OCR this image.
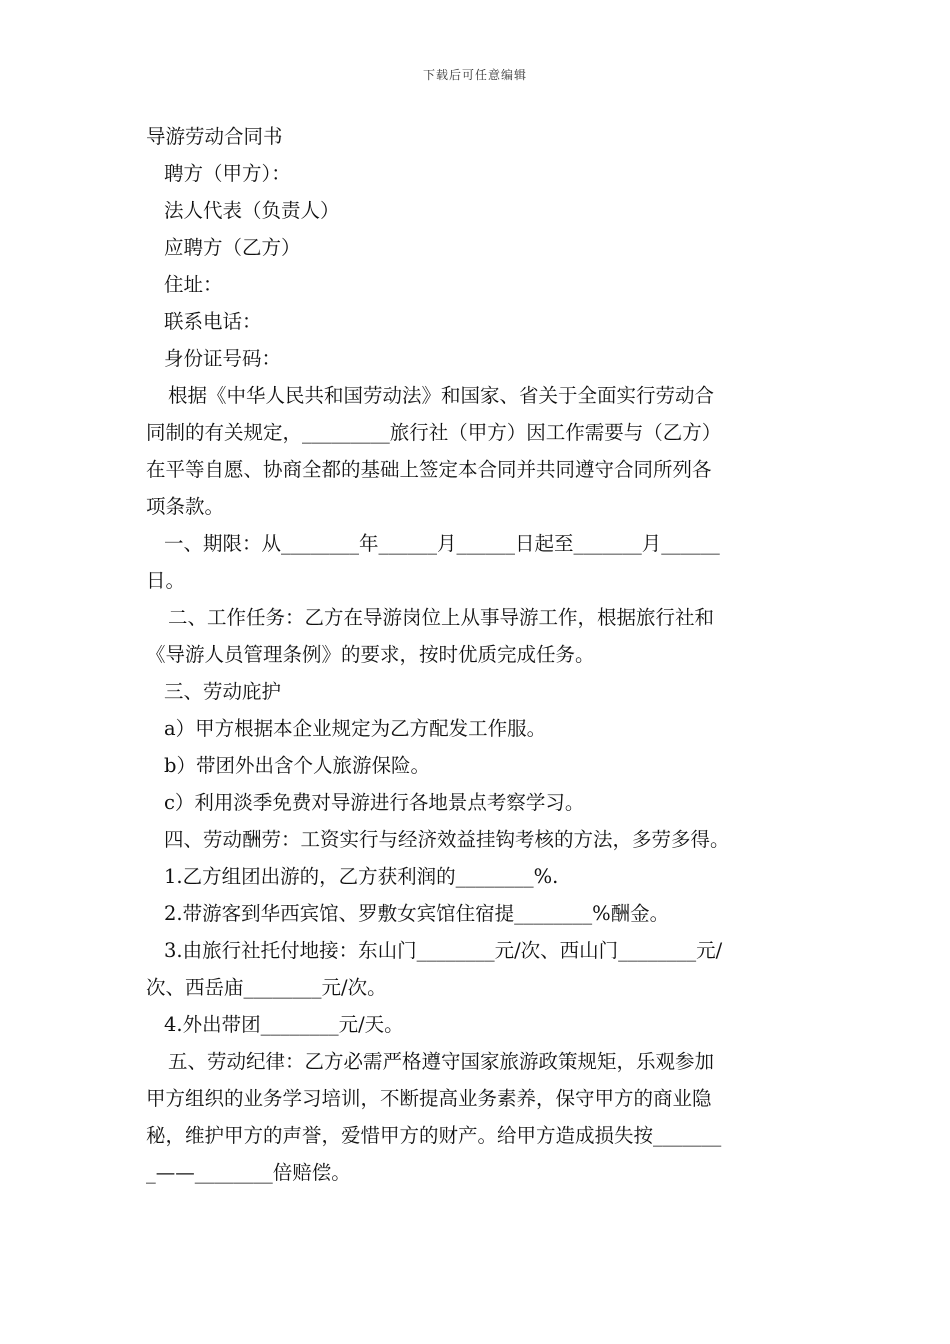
下载后可任意编辑

导游劳动合同书

聘方（甲方）：

法人代表（负责人）

应聘方（乙方）

住址：

联系电话：

身份证号码：

根据《中华人民共和国劳动法》和国家、省关于全面实行劳动合

同制的有关规定，_________旅行社（甲方）因工作需要与（乙方）

在平等自愿、协商全都的基础上签定本合同并共同遵守合同所列各

项条款。

一、期限：从________年______月______日起至_______月______

日。

二、工作任务：乙方在导游岗位上从事导游工作，根据旅行社和

《导游人员管理条例》的要求，按时优质完成任务。

三、劳动庇护

a）甲方根据本企业规定为乙方配发工作服。

b）带团外出含个人旅游保险。

c）利用淡季免费对导游进行各地景点考察学习。

四、劳动酬劳：工资实行与经济效益挂钩考核的方法，多劳多得。

1.乙方组团出游的，乙方获利润的________%.

2.带游客到华西宾馆、罗敷女宾馆住宿提________%酬金。

3.由旅行社托付地接：东山门________元/次、西山门________元/

次、西岳庙________元/次。

4.外出带团________元/天。

五、劳动纪律：乙方必需严格遵守国家旅游政策规矩，乐观参加

甲方组织的业务学习培训，不断提高业务素养，保守甲方的商业隐

秘，维护甲方的声誉，爱惜甲方的财产。给甲方造成损失按_______

_——________倍赔偿。
